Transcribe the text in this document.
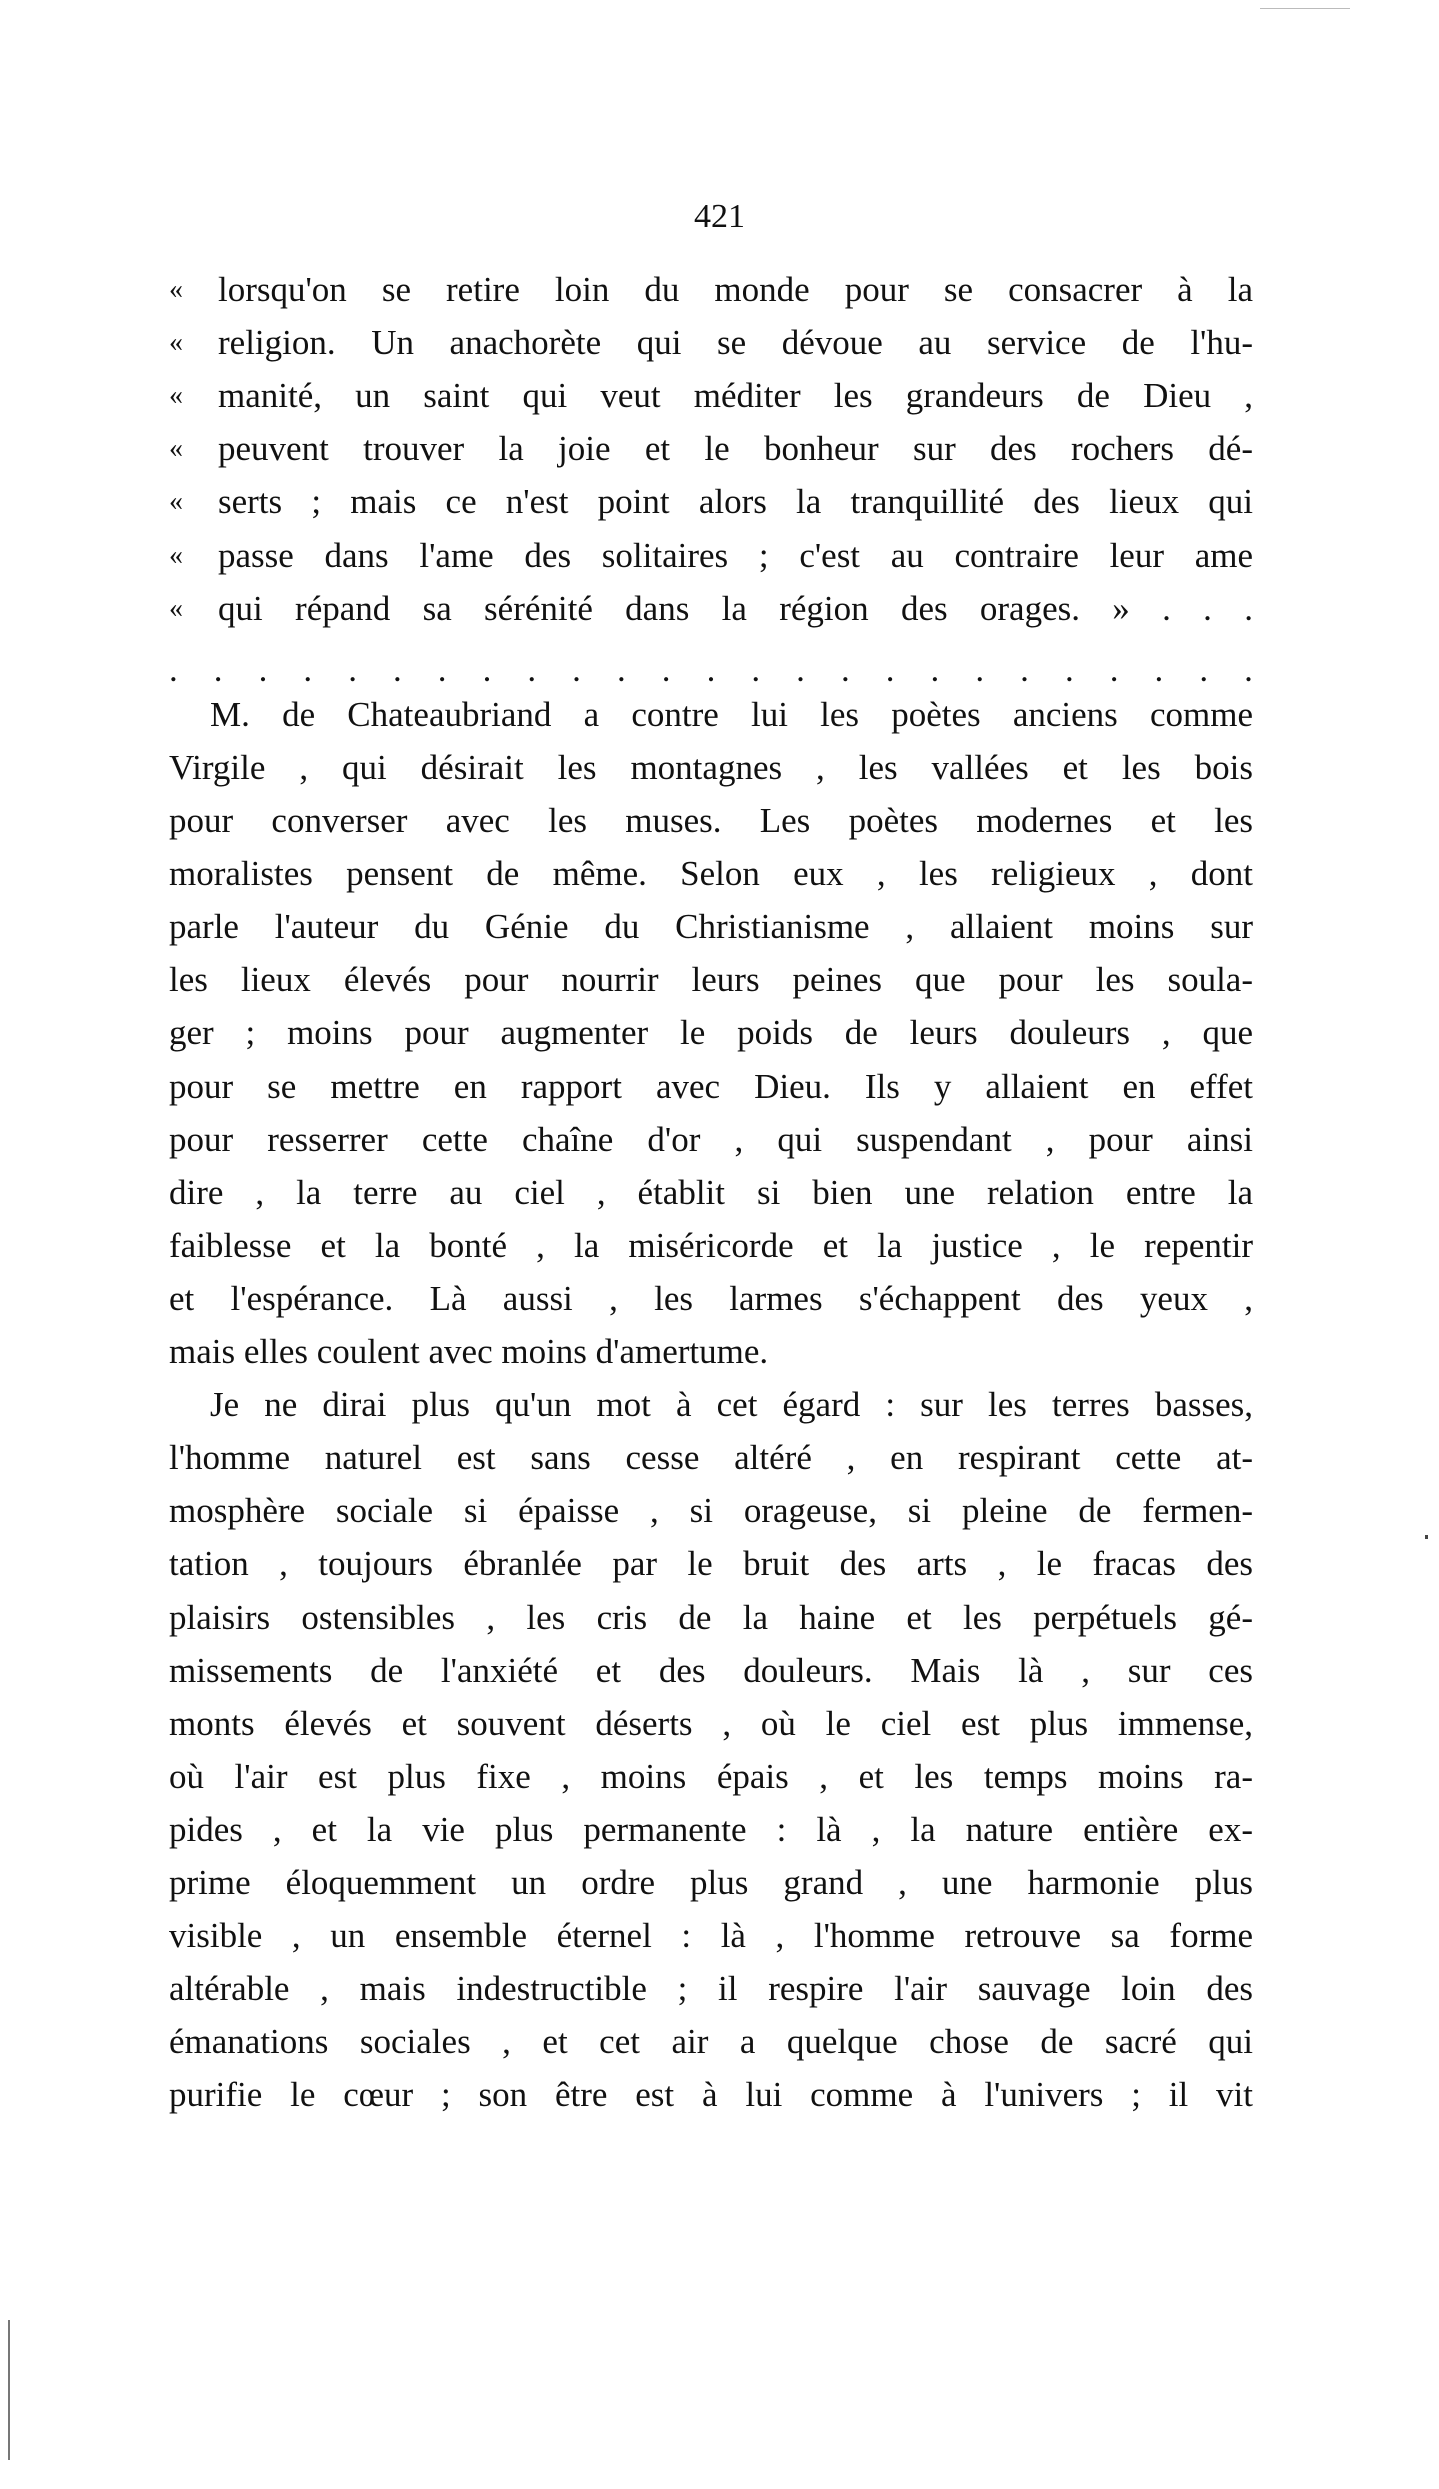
421
« lorsqu'on se retire loin du monde pour se consacrer à la
« religion. Un anachorète qui se dévoue au service de l'hu-
« manité, un saint qui veut méditer les grandeurs de Dieu ,
« peuvent trouver la joie et le bonheur sur des rochers dé-
« serts ; mais ce n'est point alors la tranquillité des lieux qui
« passe dans l'ame des solitaires ; c'est au contraire leur ame
« qui répand sa sérénité dans la région des orages. » . . .
. . . . . . . . . . . . . . . . . . . . . . . . .
M. de Chateaubriand a contre lui les poètes anciens comme
Virgile , qui désirait les montagnes , les vallées et les bois
pour converser avec les muses. Les poètes modernes et les
moralistes pensent de même. Selon eux , les religieux , dont
parle l'auteur du Génie du Christianisme , allaient moins sur
les lieux élevés pour nourrir leurs peines que pour les soula-
ger ; moins pour augmenter le poids de leurs douleurs , que
pour se mettre en rapport avec Dieu. Ils y allaient en effet
pour resserrer cette chaîne d'or , qui suspendant , pour ainsi
dire , la terre au ciel , établit si bien une relation entre la
faiblesse et la bonté , la miséricorde et la justice , le repentir
et l'espérance. Là aussi , les larmes s'échappent des yeux ,
mais elles coulent avec moins d'amertume.
Je ne dirai plus qu'un mot à cet égard : sur les terres basses,
l'homme naturel est sans cesse altéré , en respirant cette at-
mosphère sociale si épaisse , si orageuse, si pleine de fermen-
tation , toujours ébranlée par le bruit des arts , le fracas des
plaisirs ostensibles , les cris de la haine et les perpétuels gé-
missements de l'anxiété et des douleurs. Mais là , sur ces
monts élevés et souvent déserts , où le ciel est plus immense,
où l'air est plus fixe , moins épais , et les temps moins ra-
pides , et la vie plus permanente : là , la nature entière ex-
prime éloquemment un ordre plus grand , une harmonie plus
visible , un ensemble éternel : là , l'homme retrouve sa forme
altérable , mais indestructible ; il respire l'air sauvage loin des
émanations sociales , et cet air a quelque chose de sacré qui
purifie le cœur ; son être est à lui comme à l'univers ; il vit
